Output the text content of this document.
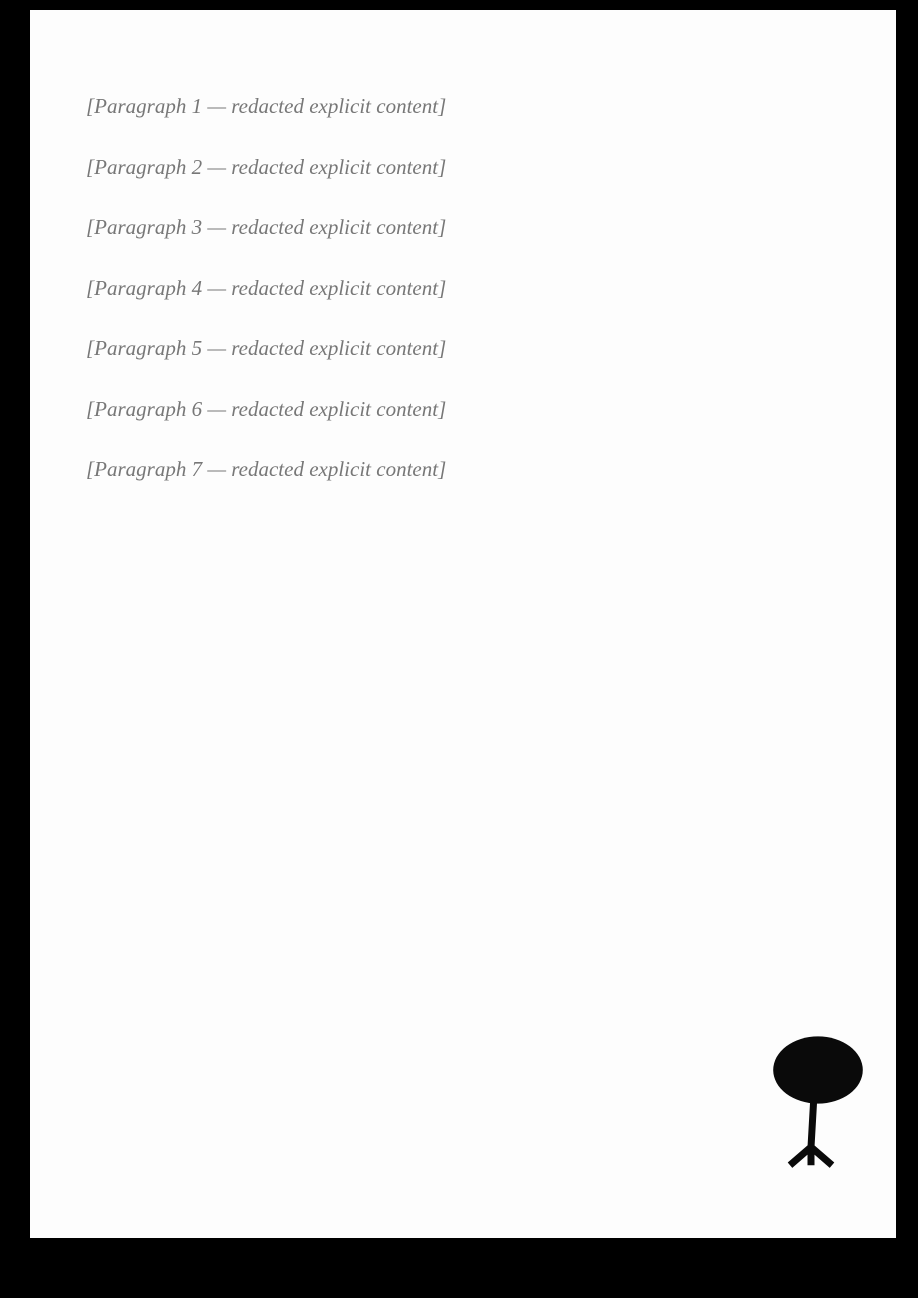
[Paragraph 1 — redacted explicit content]

[Paragraph 2 — redacted explicit content]

[Paragraph 3 — redacted explicit content]

[Paragraph 4 — redacted explicit content]

[Paragraph 5 — redacted explicit content]

[Paragraph 6 — redacted explicit content]

[Paragraph 7 — redacted explicit content]
